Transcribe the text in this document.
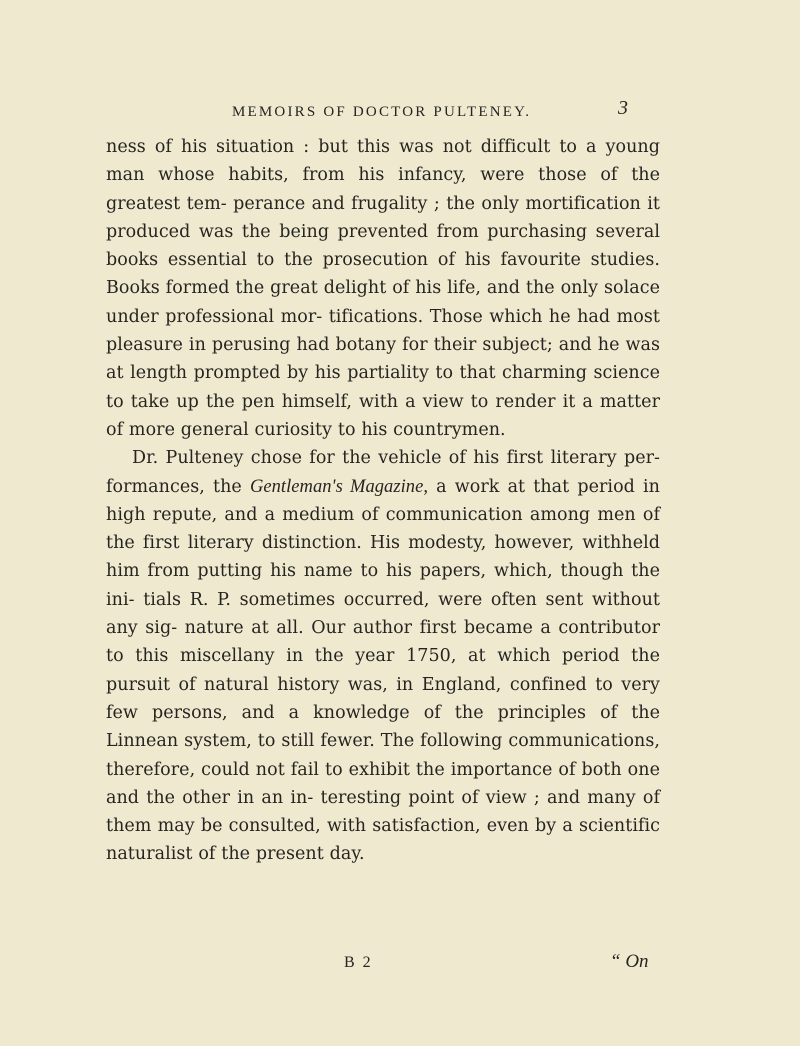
MEMOIRS OF DOCTOR PULTENEY.	3
ness of his situation : but this was not difficult to a young man whose habits, from his infancy, were those of the greatest tem- perance and frugality ; the only mortification it produced was the being prevented from purchasing several books essential to the prosecution of his favourite studies. Books formed the great delight of his life, and the only solace under professional mor- tifications. Those which he had most pleasure in perusing had botany for their subject; and he was at length prompted by his partiality to that charming science to take up the pen himself, with a view to render it a matter of more general curiosity to his countrymen.
Dr. Pulteney chose for the vehicle of his first literary per- formances, the Gentleman's Magazine, a work at that period in high repute, and a medium of communication among men of the first literary distinction. His modesty, however, withheld him from putting his name to his papers, which, though the ini- tials R. P. sometimes occurred, were often sent without any sig- nature at all. Our author first became a contributor to this miscellany in the year 1750, at which period the pursuit of natural history was, in England, confined to very few persons, and a knowledge of the principles of the Linnean system, to still fewer. The following communications, therefore, could not fail to exhibit the importance of both one and the other in an in- teresting point of view ; and many of them may be consulted, with satisfaction, even by a scientific naturalist of the present day.
B 2	“ On
